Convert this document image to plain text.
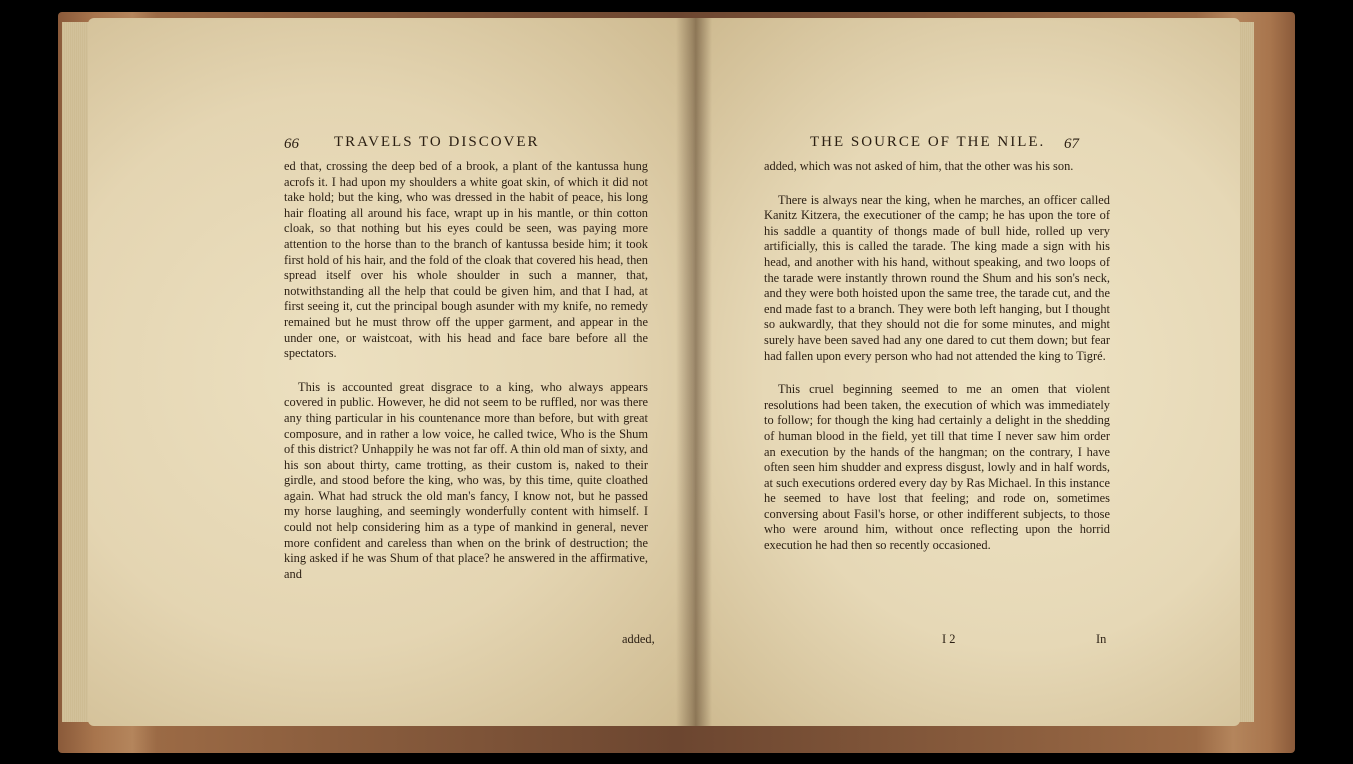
66 TRAVELS TO DISCOVER

ed that, crossing the deep bed of a brook, a plant of the kantussa hung acrofs it. I had upon my shoulders a white goat skin, of which it did not take hold; but the king, who was dressed in the habit of peace, his long hair floating all around his face, wrapt up in his mantle, or thin cotton cloak, so that nothing but his eyes could be seen, was paying more attention to the horse than to the branch of kantussa beside him; it took first hold of his hair, and the fold of the cloak that covered his head, then spread itself over his whole shoulder in such a manner, that, notwithstanding all the help that could be given him, and that I had, at first seeing it, cut the principal bough asunder with my knife, no remedy remained but he must throw off the upper garment, and appear in the under one, or waistcoat, with his head and face bare before all the spectators.

This is accounted great disgrace to a king, who always appears covered in public. However, he did not seem to be ruffled, nor was there any thing particular in his countenance more than before, but with great composure, and in rather a low voice, he called twice, Who is the Shum of this district? Unhappily he was not far off. A thin old man of sixty, and his son about thirty, came trotting, as their custom is, naked to their girdle, and stood before the king, who was, by this time, quite cloathed again. What had struck the old man's fancy, I know not, but he passed my horse laughing, and seemingly wonderfully content with himself. I could not help considering him as a type of mankind in general, never more confident and careless than when on the brink of destruction; the king asked if he was Shum of that place? he answered in the affirmative, and

added,
THE SOURCE OF THE NILE. 67

added, which was not asked of him, that the other was his son.

There is always near the king, when he marches, an officer called Kanitz Kitzera, the executioner of the camp; he has upon the tore of his saddle a quantity of thongs made of bull hide, rolled up very artificially, this is called the tarade. The king made a sign with his head, and another with his hand, without speaking, and two loops of the tarade were instantly thrown round the Shum and his son's neck, and they were both hoisted upon the same tree, the tarade cut, and the end made fast to a branch. They were both left hanging, but I thought so aukwardly, that they should not die for some minutes, and might surely have been saved had any one dared to cut them down; but fear had fallen upon every person who had not attended the king to Tigré.

This cruel beginning seemed to me an omen that violent resolutions had been taken, the execution of which was immediately to follow; for though the king had certainly a delight in the shedding of human blood in the field, yet till that time I never saw him order an execution by the hands of the hangman; on the contrary, I have often seen him shudder and express disgust, lowly and in half words, at such executions ordered every day by Ras Michael. In this instance he seemed to have lost that feeling; and rode on, sometimes conversing about Fasil's horse, or other indifferent subjects, to those who were around him, without once reflecting upon the horrid execution he had then so recently occasioned.

I 2	In
